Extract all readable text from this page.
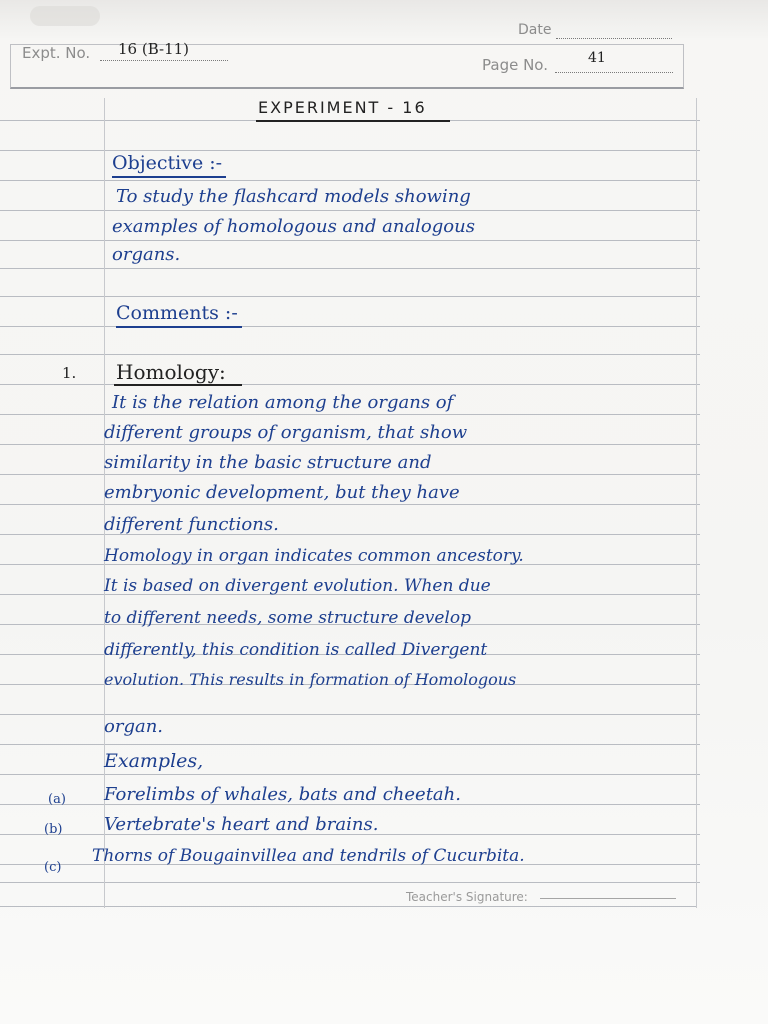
Date
Expt. No. 16 (B-11)
Page No.	41
EXPERIMENT - 16
Objective :-
To study the flashcard models showing
examples of homologous and analogous
organs.
Comments :-
1. Homology:
It is the relation among the organs of
different groups of organism, that show
similarity in the basic structure and
embryonic development, but they have
different functions.
Homology in organ indicates common ancestory.
It is based on divergent evolution. When due
to different needs, some structure develop
differently, this condition is called Divergent
evolution. This results in formation of Homologous
organ.
Examples,
(a) Forelimbs of whales, bats and cheetah.
(b) Vertebrate's heart and brains.
(c)
Thorns of Bougainvillea and tendrils of Cucurbita.
Teacher's Signature:
